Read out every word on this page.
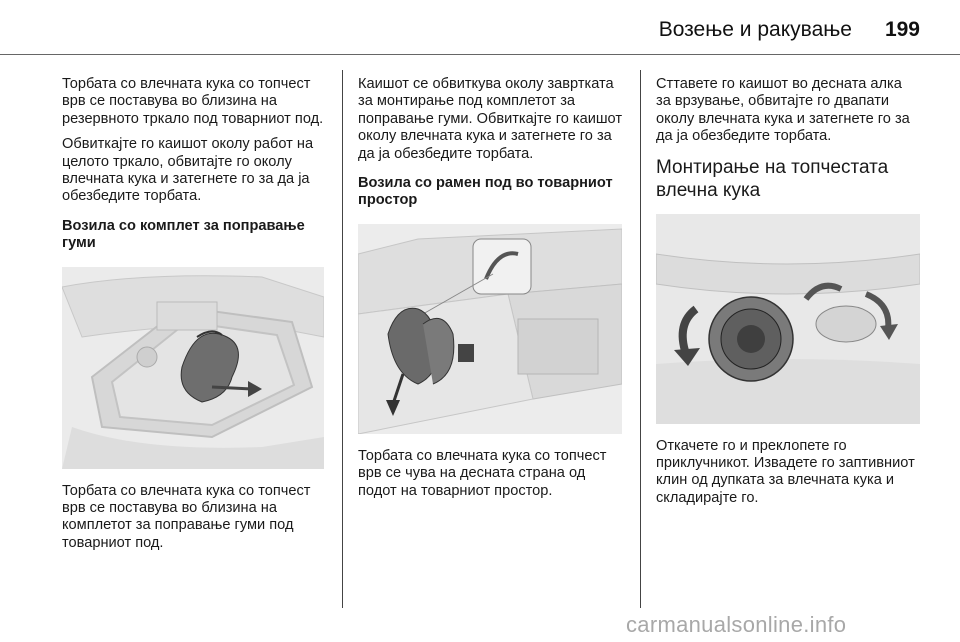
Возење и ракување 199

Торбата со влечната кука со топчест врв се поставува во близина на резервното тркало под товарниот под.

Обвиткајте го каишот околу работ на целото тркало, обвитајте го околу влечната кука и затегнете го за да ја обезбедите торбата.

Возила со комплет за поправање гуми

Торбата со влечната кука со топчест врв се поставува во близина на комплетот за поправање гуми под товарниот под.

Каишот се обвиткува околу завртката за монтирање под комплетот за поправање гуми. Обвиткајте го каишот околу влечната кука и затегнете го за да ја обезбедите торбата.

Возила со рамен под во товарниот простор

Торбата со влечната кука со топчест врв се чува на десната страна од подот на товарниот простор.

Сттавете го каишот во десната алка за врзување, обвитајте го двапати околу влечната кука и затегнете го за да ја обезбедите торбата.

Монтирање на топчестата влечна кука

Откачете го и преклопете го приклучникот. Извадете го заптивниот клин од дупката за влечната кука и складирајте го.

carmanualsonline.info
